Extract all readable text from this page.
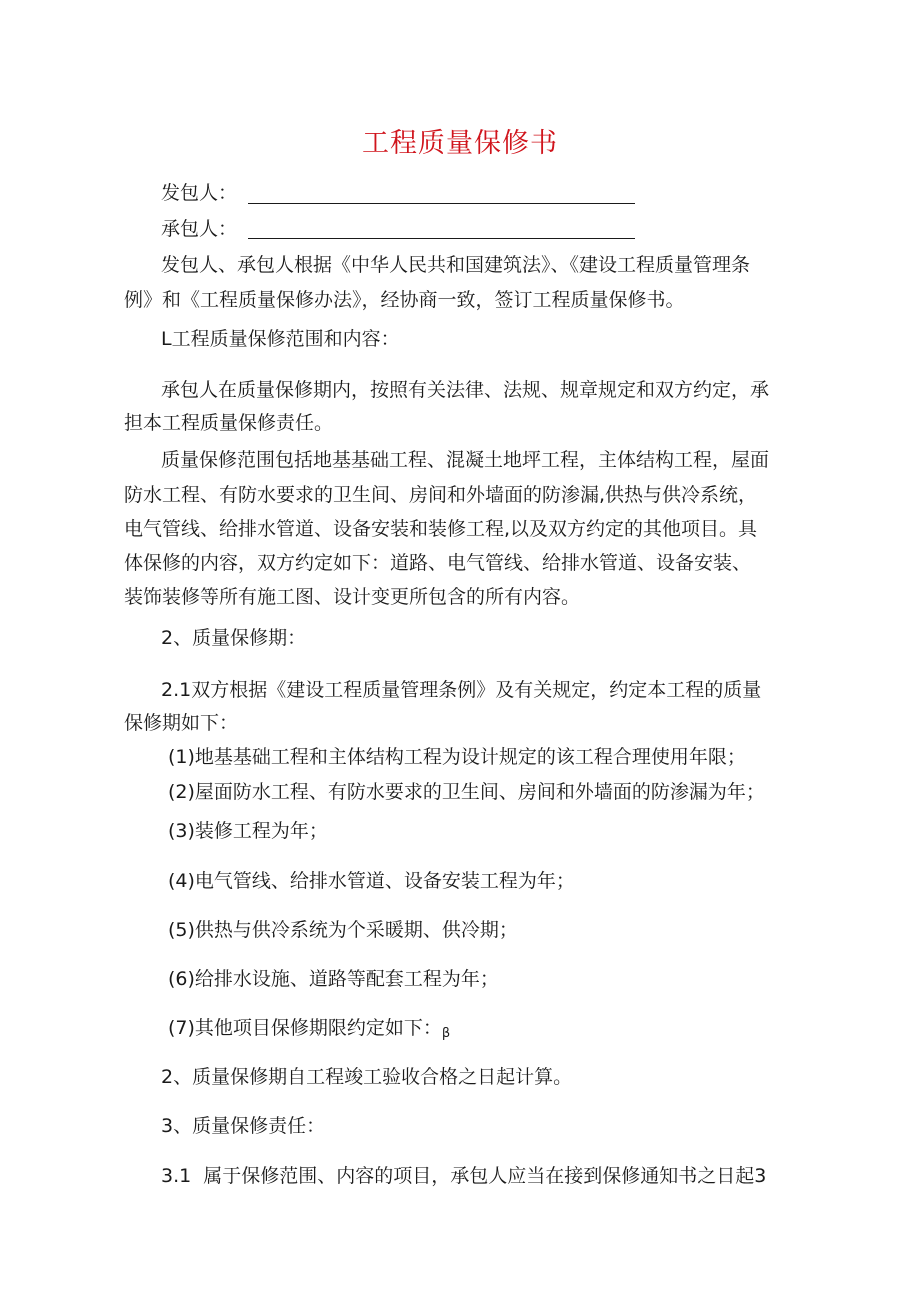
工程质量保修书
发包人：
承包人：
发包人、承包人根据《中华人民共和国建筑法》、《建设工程质量管理条
例》和《工程质量保修办法》，经协商一致，签订工程质量保修书。
L工程质量保修范围和内容：
承包人在质量保修期内，按照有关法律、法规、规章规定和双方约定，承
担本工程质量保修责任。
质量保修范围包括地基基础工程、混凝土地坪工程，主体结构工程，屋面
防水工程、有防水要求的卫生间、房间和外墙面的防渗漏,供热与供冷系统，
电气管线、给排水管道、设备安装和装修工程,以及双方约定的其他项目。具
体保修的内容，双方约定如下：道路、电气管线、给排水管道、设备安装、
装饰装修等所有施工图、设计变更所包含的所有内容。
2、质量保修期：
2.1双方根据《建设工程质量管理条例》及有关规定，约定本工程的质量
保修期如下：
(1)地基基础工程和主体结构工程为设计规定的该工程合理使用年限；
(2)屋面防水工程、有防水要求的卫生间、房间和外墙面的防渗漏为年；
(3)装修工程为年；
(4)电气管线、给排水管道、设备安装工程为年；
(5)供热与供冷系统为个采暖期、供冷期；
(6)给排水设施、道路等配套工程为年；
(7)其他项目保修期限约定如下：β
2、质量保修期自工程竣工验收合格之日起计算。
3、质量保修责任：
3.1  属于保修范围、内容的项目，承包人应当在接到保修通知书之日起3
